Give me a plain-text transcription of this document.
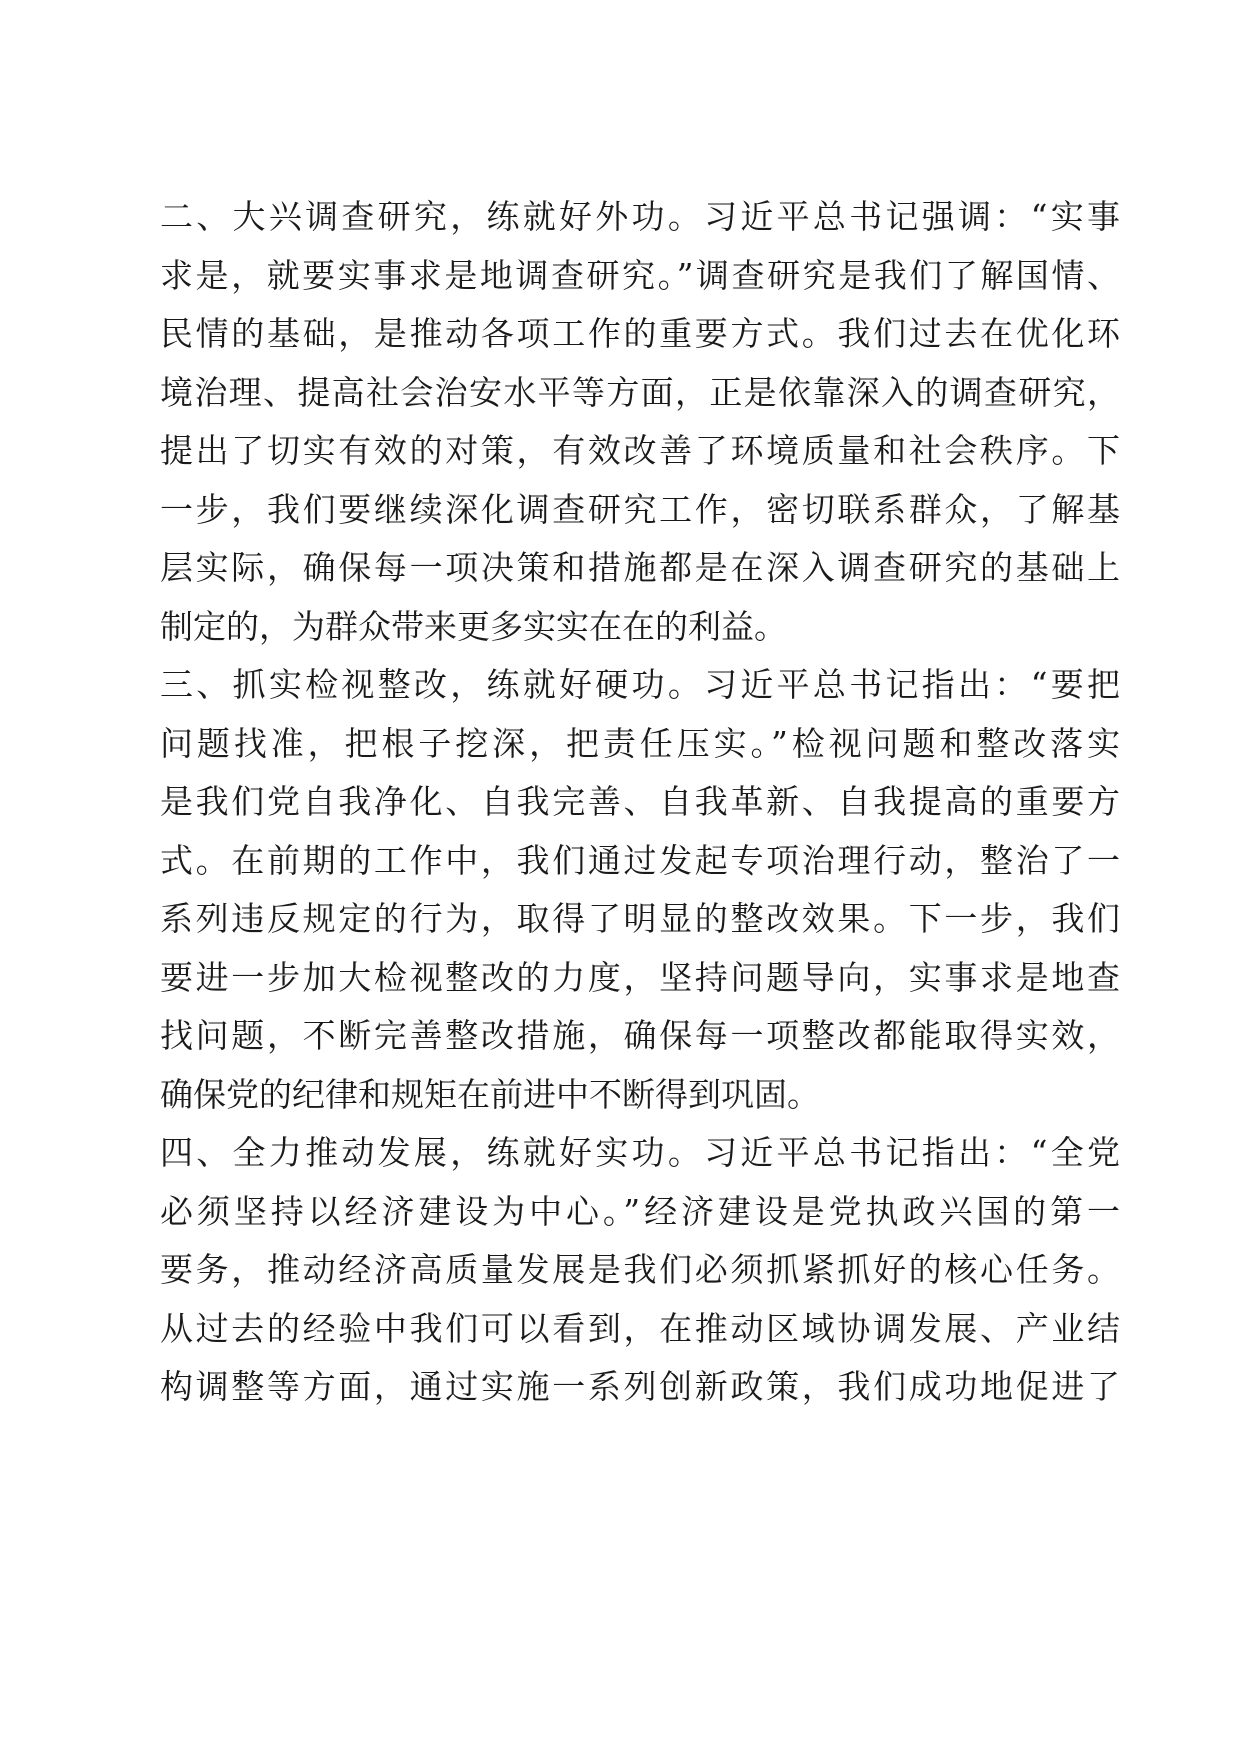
二、大兴调查研究，练就好外功。习近平总书记强调：“实事
求是，就要实事求是地调查研究。”调查研究是我们了解国情、
民情的基础，是推动各项工作的重要方式。我们过去在优化环
境治理、提高社会治安水平等方面，正是依靠深入的调查研究，
提出了切实有效的对策，有效改善了环境质量和社会秩序。下
一步，我们要继续深化调查研究工作，密切联系群众，了解基
层实际，确保每一项决策和措施都是在深入调查研究的基础上
制定的，为群众带来更多实实在在的利益。
三、抓实检视整改，练就好硬功。习近平总书记指出：“要把
问题找准，把根子挖深，把责任压实。”检视问题和整改落实
是我们党自我净化、自我完善、自我革新、自我提高的重要方
式。在前期的工作中，我们通过发起专项治理行动，整治了一
系列违反规定的行为，取得了明显的整改效果。下一步，我们
要进一步加大检视整改的力度，坚持问题导向，实事求是地查
找问题，不断完善整改措施，确保每一项整改都能取得实效，
确保党的纪律和规矩在前进中不断得到巩固。
四、全力推动发展，练就好实功。习近平总书记指出：“全党
必须坚持以经济建设为中心。”经济建设是党执政兴国的第一
要务，推动经济高质量发展是我们必须抓紧抓好的核心任务。
从过去的经验中我们可以看到，在推动区域协调发展、产业结
构调整等方面，通过实施一系列创新政策，我们成功地促进了
